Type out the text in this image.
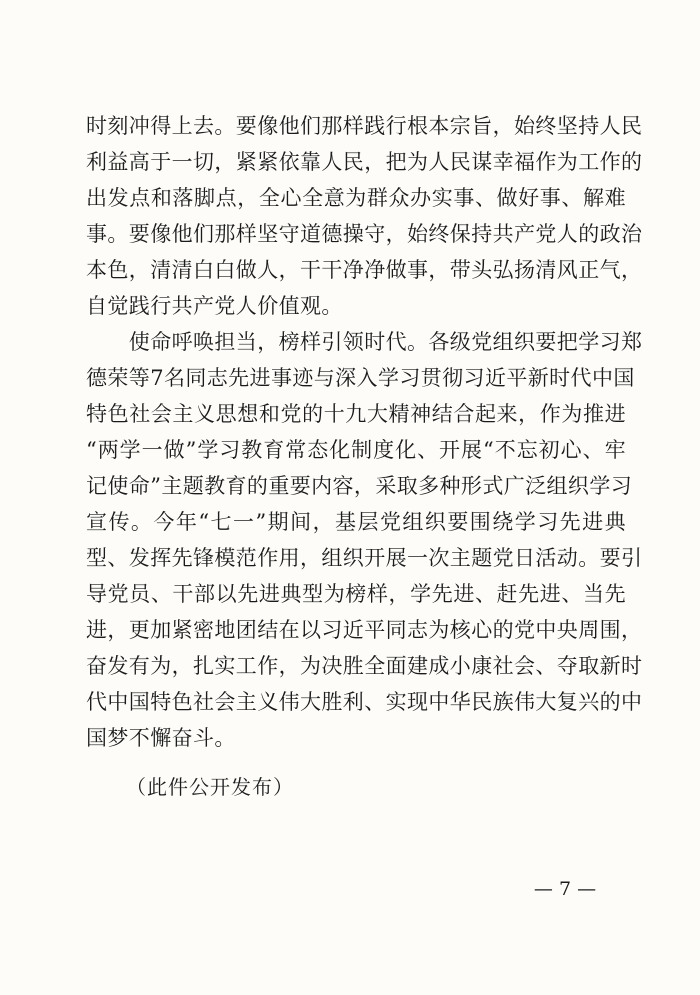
时刻冲得上去。要像他们那样践行根本宗旨，始终坚持人民
利益高于一切，紧紧依靠人民，把为人民谋幸福作为工作的
出发点和落脚点，全心全意为群众办实事、做好事、解难
事。要像他们那样坚守道德操守，始终保持共产党人的政治
本色，清清白白做人，干干净净做事，带头弘扬清风正气，
自觉践行共产党人价值观。
　　使命呼唤担当，榜样引领时代。各级党组织要把学习郑
德荣等7名同志先进事迹与深入学习贯彻习近平新时代中国
特色社会主义思想和党的十九大精神结合起来，作为推进
“两学一做”学习教育常态化制度化、开展“不忘初心、牢
记使命”主题教育的重要内容，采取多种形式广泛组织学习
宣传。今年“七一”期间，基层党组织要围绕学习先进典
型、发挥先锋模范作用，组织开展一次主题党日活动。要引
导党员、干部以先进典型为榜样，学先进、赶先进、当先
进，更加紧密地团结在以习近平同志为核心的党中央周围，
奋发有为，扎实工作，为决胜全面建成小康社会、夺取新时
代中国特色社会主义伟大胜利、实现中华民族伟大复兴的中
国梦不懈奋斗。
（此件公开发布）
— 7 —
